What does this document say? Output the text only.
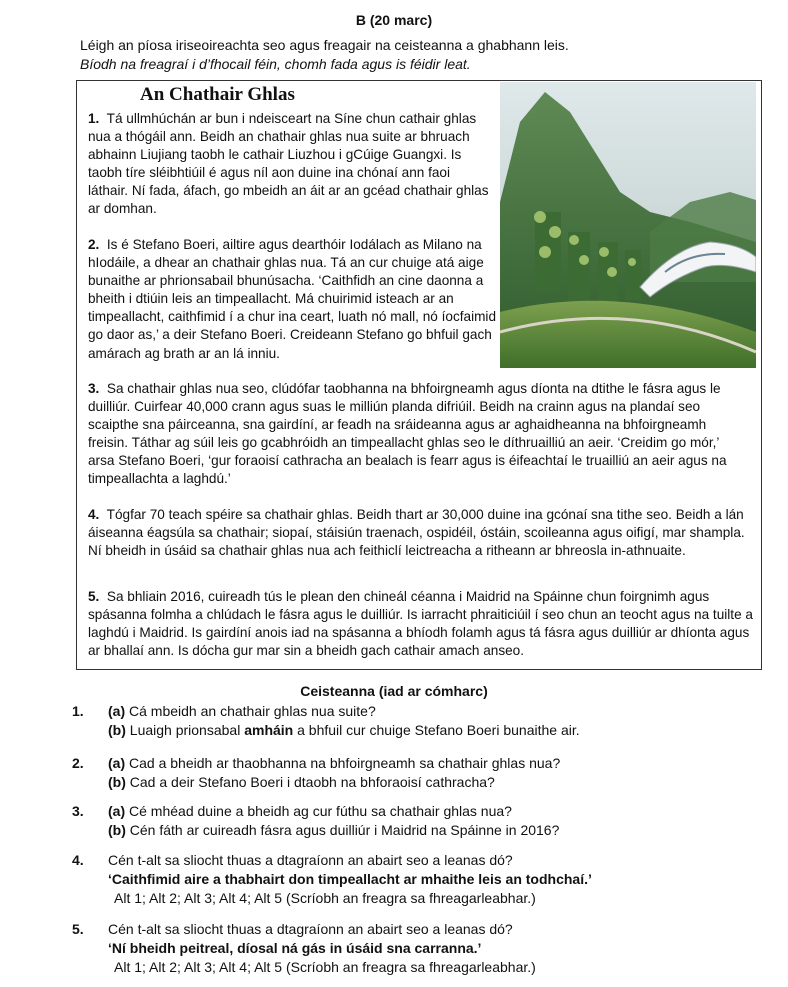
B (20 marc)
Léigh an píosa iriseoireachta seo agus freagair na ceisteanna a ghabhann leis.
Bíodh na freagraí i d’fhocail féin, chomh fada agus is féidir leat.
An Chathair Ghlas

1. Tá ullmhúchán ar bun i ndeisceart na Síne chun cathair ghlas nua a thógáil ann. Beidh an chathair ghlas nua suite ar bhruach abhainn Liujiang taobh le cathair Liuzhou i gCúige Guangxi. Is taobh tíre sléibhtiúil é agus níl aon duine ina chónaí ann faoi láthair. Ní fada, áfach, go mbeidh an áit ar an gcéad chathair ghlas ar domhan.

2. Is é Stefano Boeri, ailtire agus dearthóir Iodálach as Milano na hIodáile, a dhear an chathair ghlas nua. Tá an cur chuige atá aige bunaithe ar phrionsabail bhunúsacha. ‘Caithfidh an cine daonna a bheith i dtiúin leis an timpeallacht. Má chuirimid isteach ar an timpeallacht, caithfimid í a chur ina ceart, luath nó mall, nó íocfaimid go daor as,’ a deir Stefano Boeri. Creideann Stefano go bhfuil gach amárach ag brath ar an lá inniu.

3. Sa chathair ghlas nua seo, clúdófar taobhanna na bhfoirgneamh agus díonta na dtithe le fásra agus le duilliúr. Cuirfear 40,000 crann agus suas le milliún planda difriúil. Beidh na crainn agus na plandaí seo scaipthe sna páirceanna, sna gairdíní, ar feadh na sráideanna agus ar aghaidheanna na bhfoirgneamh freisin. Táthar ag súil leis go gcabhróidh an timpeallacht ghlas seo le díthruailliú an aeir. ‘Creidim go mór,’ arsa Stefano Boeri, ‘gur foraoisí cathracha an bealach is fearr agus is éifeachtaí le truailliú an aeir agus na timpeallachta a laghdú.’

4. Tógfar 70 teach spéire sa chathair ghlas. Beidh thart ar 30,000 duine ina gcónaí sna tithe seo. Beidh a lán áiseanna éagsúla sa chathair; siopaí, stáisiún traenach, ospidéil, óstáin, scoileanna agus oifigí, mar shampla. Ní bheidh in úsáid sa chathair ghlas nua ach feithiclí leictreacha a ritheann ar bhreosla in-athnuaite.

5. Sa bhliain 2016, cuireadh tús le plean den chineál céanna i Maidrid na Spáinne chun foirgnimh agus spásanna folmha a chlúdach le fásra agus le duilliúr. Is iarracht phraiticiúil í seo chun an teocht agus na tuilte a laghdú i Maidrid. Is gairdíní anois iad na spásanna a bhíodh folamh agus tá fásra agus duilliúr ar dhíonta agus ar bhallaí ann. Is dócha gur mar sin a bheidh gach cathair amach anseo.

Ceisteanna (iad ar cómharc)
1. (a) Cá mbeidh an chathair ghlas nua suite?
(b) Luaigh prionsabal amháin a bhfuil cur chuige Stefano Boeri bunaithe air.
2. (a) Cad a bheidh ar thaobhanna na bhfoirgneamh sa chathair ghlas nua?
(b) Cad a deir Stefano Boeri i dtaobh na bhforaoisí cathracha?
3. (a) Cé mhéad duine a bheidh ag cur fúthu sa chathair ghlas nua?
(b) Cén fáth ar cuireadh fásra agus duilliúr i Maidrid na Spáinne in 2016?
4. Cén t-alt sa sliocht thuas a dtagraíonn an abairt seo a leanas dó?
‘Caithfimid aire a thabhairt don timpeallacht ar mhaithe leis an todhchaí.’
Alt 1; Alt 2; Alt 3; Alt 4; Alt 5 (Scríobh an freagra sa fhreagarleabhar.)
5. Cén t-alt sa sliocht thuas a dtagraíonn an abairt seo a leanas dó?
‘Ní bheidh peitreal, díosal ná gás in úsáid sna carranna.’
Alt 1; Alt 2; Alt 3; Alt 4; Alt 5 (Scríobh an freagra sa fhreagarleabhar.)
